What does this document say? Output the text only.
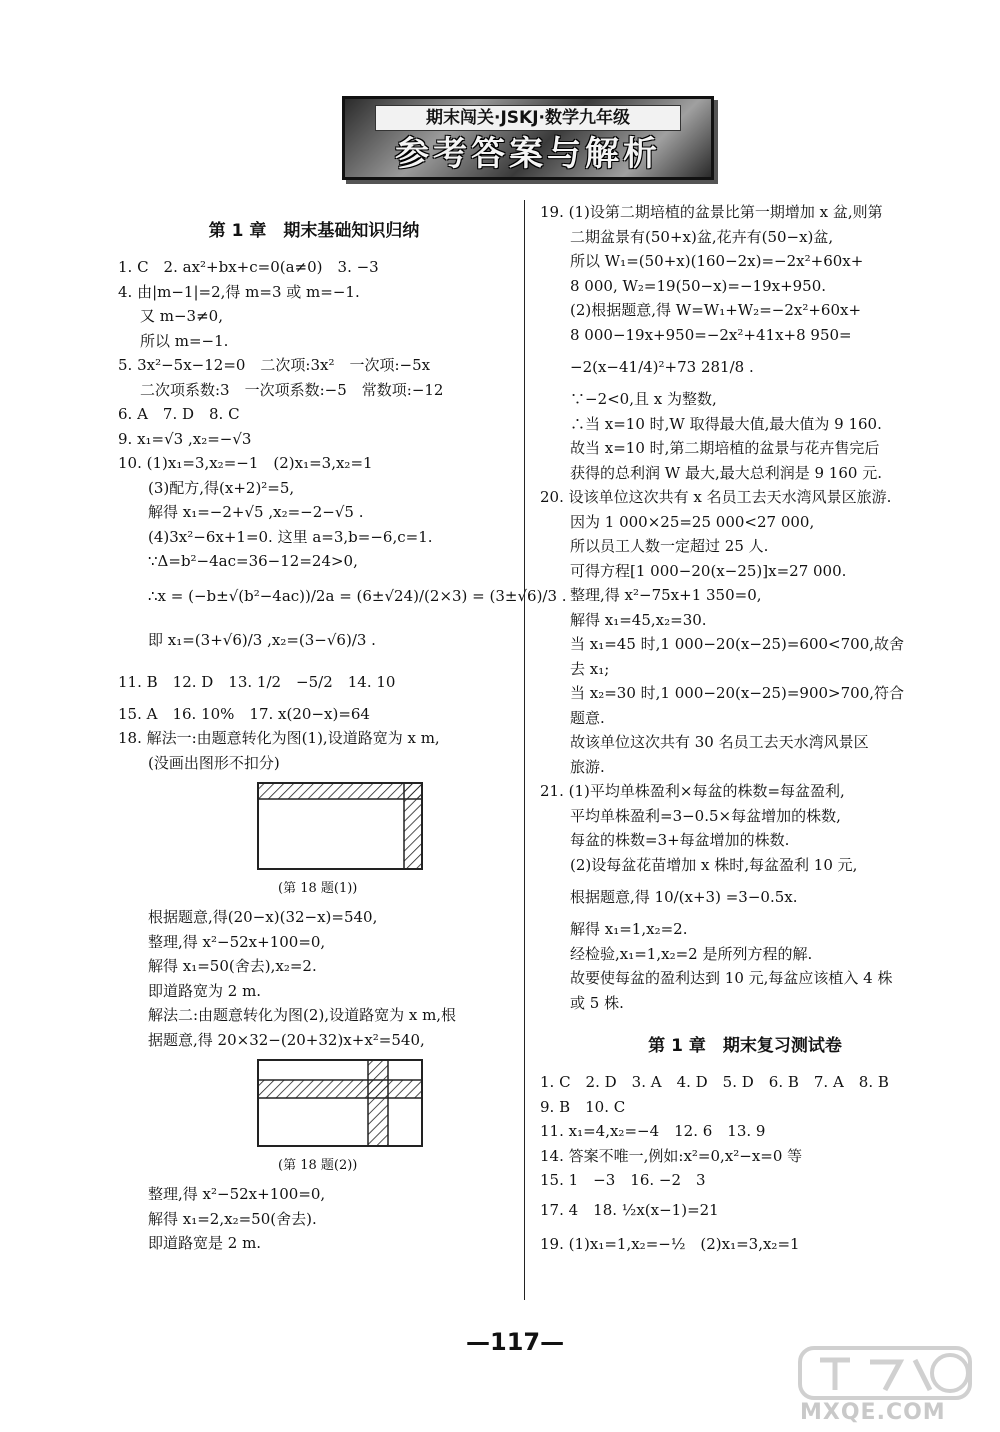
期末闯关·JSKJ·数学九年级
参考答案与解析
第 1 章　期末基础知识归纳
1. C　2. ax²+bx+c=0(a≠0)　3. −3
4. 由|m−1|=2,得 m=3 或 m=−1.
又 m−3≠0,
所以 m=−1.
5. 3x²−5x−12=0　二次项:3x²　一次项:−5x
二次项系数:3　一次项系数:−5　常数项:−12
6. A　7. D　8. C
9. x₁=√3 ,x₂=−√3
10. (1)x₁=3,x₂=−1　(2)x₁=3,x₂=1
(3)配方,得(x+2)²=5,
解得 x₁=−2+√5 ,x₂=−2−√5 .
(4)3x²−6x+1=0. 这里 a=3,b=−6,c=1.
∵Δ=b²−4ac=36−12=24>0,
∴x = (−b±√(b²−4ac))/2a = (6±√24)/(2×3) = (3±√6)/3 .
即 x₁=(3+√6)/3 ,x₂=(3−√6)/3 .
11. B　12. D　13. 1/2　−5/2　14. 10
15. A　16. 10%　17. x(20−x)=64
18. 解法一:由题意转化为图(1),设道路宽为 x m,
(没画出图形不扣分)
(第 18 题(1))
根据题意,得(20−x)(32−x)=540,
整理,得 x²−52x+100=0,
解得 x₁=50(舍去),x₂=2.
即道路宽为 2 m.
解法二:由题意转化为图(2),设道路宽为 x m,根
据题意,得 20×32−(20+32)x+x²=540,
(第 18 题(2))
整理,得 x²−52x+100=0,
解得 x₁=2,x₂=50(舍去).
即道路宽是 2 m.
19. (1)设第二期培植的盆景比第一期增加 x 盆,则第
二期盆景有(50+x)盆,花卉有(50−x)盆,
所以 W₁=(50+x)(160−2x)=−2x²+60x+
8 000, W₂=19(50−x)=−19x+950.
(2)根据题意,得 W=W₁+W₂=−2x²+60x+
8 000−19x+950=−2x²+41x+8 950=
−2(x−41/4)²+73 281/8 .
∵−2<0,且 x 为整数,
∴当 x=10 时,W 取得最大值,最大值为 9 160.
故当 x=10 时,第二期培植的盆景与花卉售完后
获得的总利润 W 最大,最大总利润是 9 160 元.
20. 设该单位这次共有 x 名员工去天水湾风景区旅游.
因为 1 000×25=25 000<27 000,
所以员工人数一定超过 25 人.
可得方程[1 000−20(x−25)]x=27 000.
整理,得 x²−75x+1 350=0,
解得 x₁=45,x₂=30.
当 x₁=45 时,1 000−20(x−25)=600<700,故舍
去 x₁;
当 x₂=30 时,1 000−20(x−25)=900>700,符合
题意.
故该单位这次共有 30 名员工去天水湾风景区
旅游.
21. (1)平均单株盈利×每盆的株数=每盆盈利,
平均单株盈利=3−0.5×每盆增加的株数,
每盆的株数=3+每盆增加的株数.
(2)设每盆花苗增加 x 株时,每盆盈利 10 元,
根据题意,得 10/(x+3) =3−0.5x.
解得 x₁=1,x₂=2.
经检验,x₁=1,x₂=2 是所列方程的解.
故要使每盆的盈利达到 10 元,每盆应该植入 4 株
或 5 株.
第 1 章　期末复习测试卷
1. C　2. D　3. A　4. D　5. D　6. B　7. A　8. B
9. B　10. C
11. x₁=4,x₂=−4　12. 6　13. 9
14. 答案不唯一,例如:x²=0,x²−x=0 等
15. 1　−3　16. −2　3
17. 4　18. ½x(x−1)=21
19. (1)x₁=1,x₂=−½　(2)x₁=3,x₂=1
—117—
MXQE.COM
